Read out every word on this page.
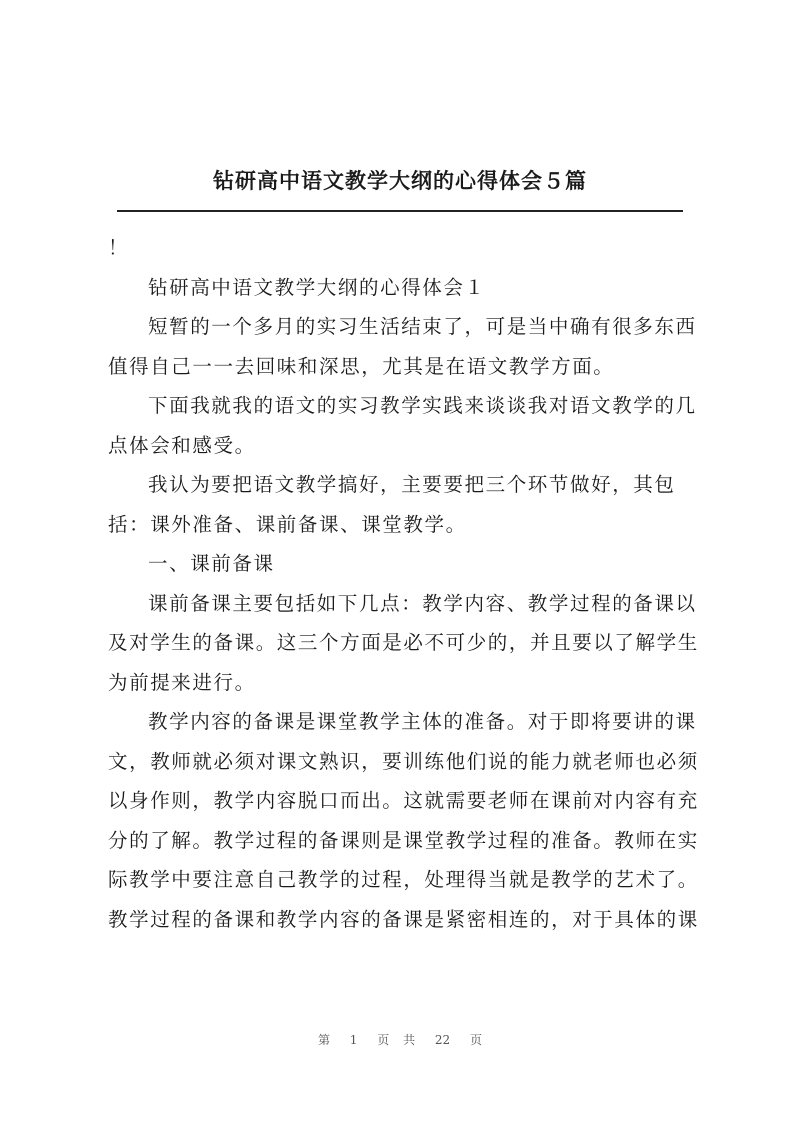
钻研高中语文教学大纲的心得体会５篇
！
钻研高中语文教学大纲的心得体会１
短暂的一个多月的实习生活结束了，可是当中确有很多东西
值得自己一一去回味和深思，尤其是在语文教学方面。
下面我就我的语文的实习教学实践来谈谈我对语文教学的几
点体会和感受。
我认为要把语文教学搞好，主要要把三个环节做好，其包
括：课外准备、课前备课、课堂教学。
一、课前备课
课前备课主要包括如下几点：教学内容、教学过程的备课以
及对学生的备课。这三个方面是必不可少的，并且要以了解学生
为前提来进行。
教学内容的备课是课堂教学主体的准备。对于即将要讲的课
文，教师就必须对课文熟识，要训练他们说的能力就老师也必须
以身作则，教学内容脱口而出。这就需要老师在课前对内容有充
分的了解。教学过程的备课则是课堂教学过程的准备。教师在实
际教学中要注意自己教学的过程，处理得当就是教学的艺术了。
教学过程的备课和教学内容的备课是紧密相连的，对于具体的课
第 1 页 共 22 页
